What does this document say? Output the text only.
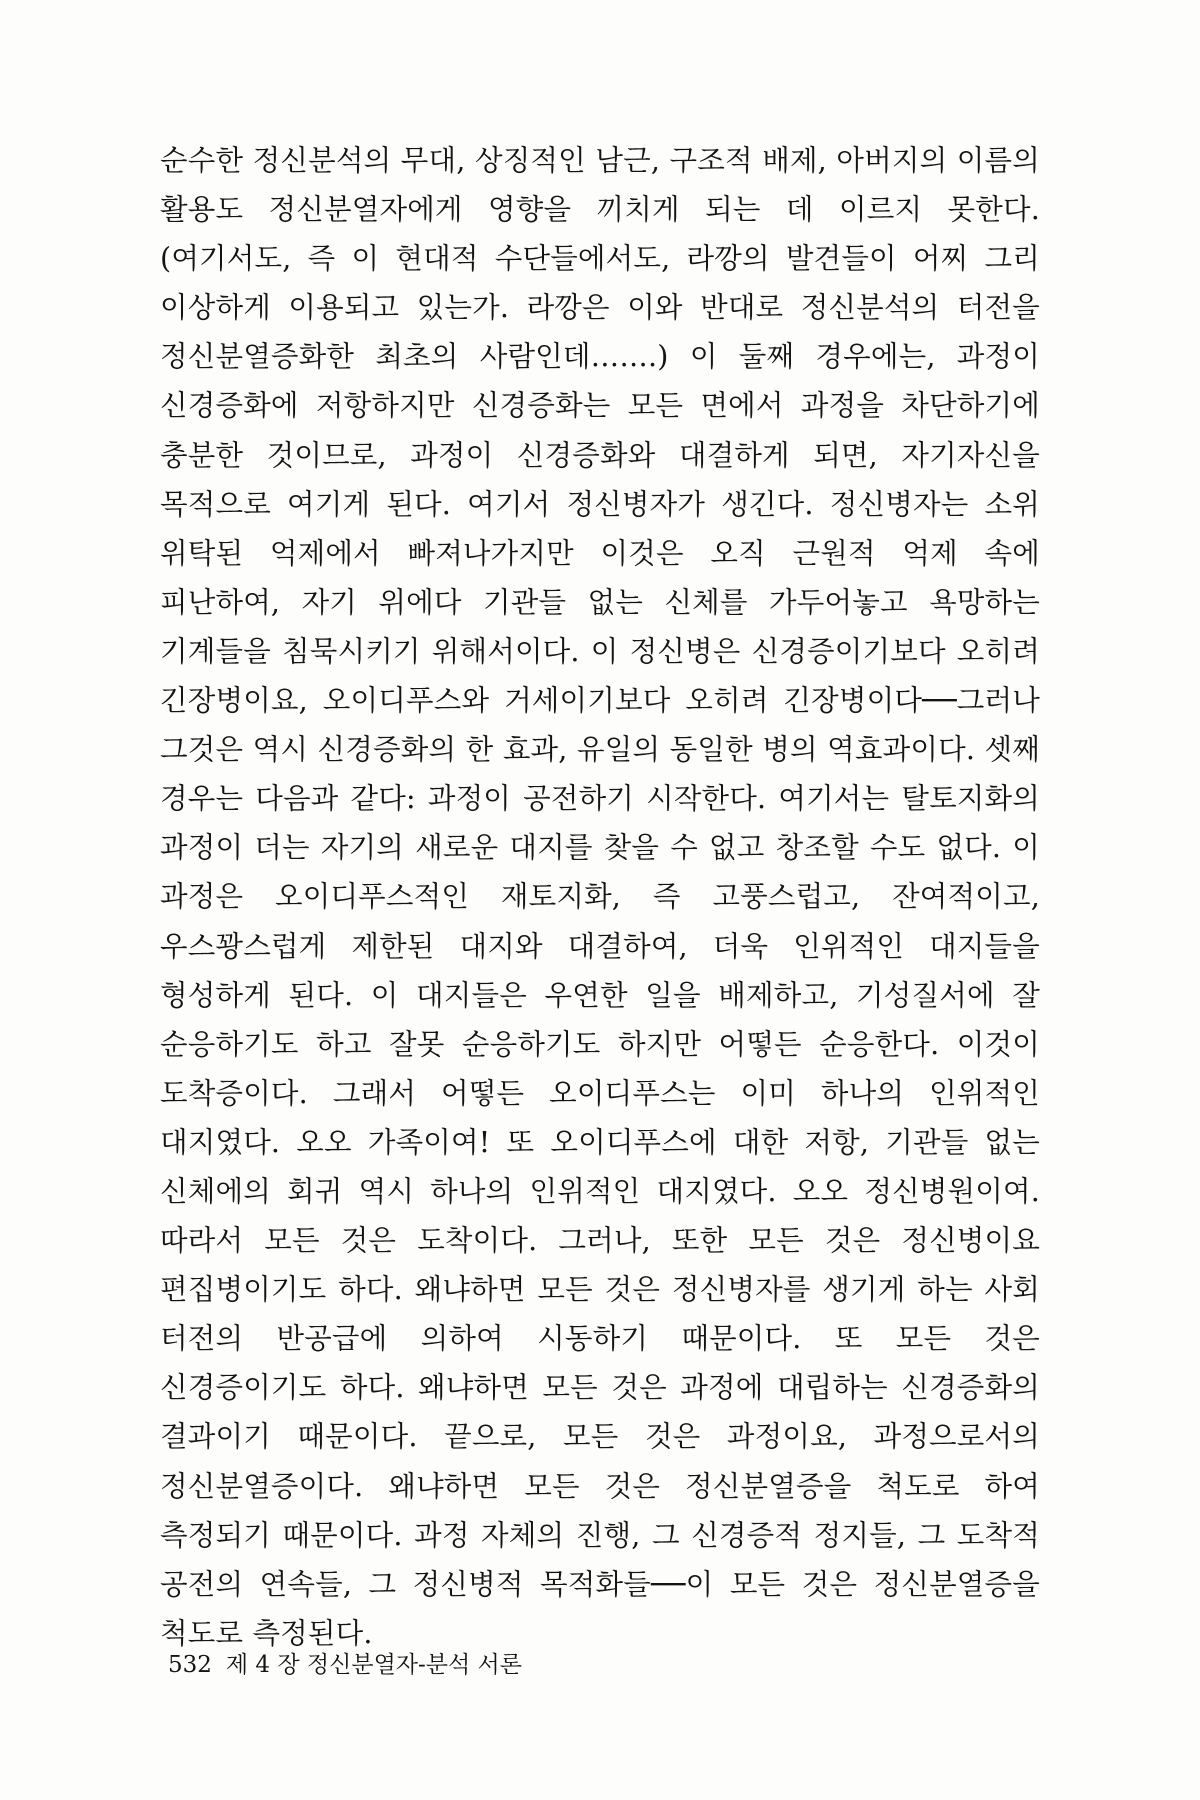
순수한 정신분석의 무대, 상징적인 남근, 구조적 배제, 아버지의 이름의 활용도 정신분열자에게 영향을 끼치게 되는 데 이르지 못한다. (여기서도, 즉 이 현대적 수단들에서도, 라깡의 발견들이 어찌 그리 이상하게 이용되고 있는가. 라깡은 이와 반대로 정신분석의 터전을 정신분열증화한 최초의 사람인데…….) 이 둘째 경우에는, 과정이 신경증화에 저항하지만 신경증화는 모든 면에서 과정을 차단하기에 충분한 것이므로, 과정이 신경증화와 대결하게 되면, 자기자신을 목적으로 여기게 된다. 여기서 정신병자가 생긴다. 정신병자는 소위 위탁된 억제에서 빠져나가지만 이것은 오직 근원적 억제 속에 피난하여, 자기 위에다 기관들 없는 신체를 가두어놓고 욕망하는 기계들을 침묵시키기 위해서이다. 이 정신병은 신경증이기보다 오히려 긴장병이요, 오이디푸스와 거세이기보다 오히려 긴장병이다──그러나 그것은 역시 신경증화의 한 효과, 유일의 동일한 병의 역효과이다. 셋째 경우는 다음과 같다: 과정이 공전하기 시작한다. 여기서는 탈토지화의 과정이 더는 자기의 새로운 대지를 찾을 수 없고 창조할 수도 없다. 이 과정은 오이디푸스적인 재토지화, 즉 고풍스럽고, 잔여적이고, 우스꽝스럽게 제한된 대지와 대결하여, 더욱 인위적인 대지들을 형성하게 된다. 이 대지들은 우연한 일을 배제하고, 기성질서에 잘 순응하기도 하고 잘못 순응하기도 하지만 어떻든 순응한다. 이것이 도착증이다. 그래서 어떻든 오이디푸스는 이미 하나의 인위적인 대지였다. 오오 가족이여! 또 오이디푸스에 대한 저항, 기관들 없는 신체에의 회귀 역시 하나의 인위적인 대지였다. 오오 정신병원이여. 따라서 모든 것은 도착이다. 그러나, 또한 모든 것은 정신병이요 편집병이기도 하다. 왜냐하면 모든 것은 정신병자를 생기게 하는 사회 터전의 반공급에 의하여 시동하기 때문이다. 또 모든 것은 신경증이기도 하다. 왜냐하면 모든 것은 과정에 대립하는 신경증화의 결과이기 때문이다. 끝으로, 모든 것은 과정이요, 과정으로서의 정신분열증이다. 왜냐하면 모든 것은 정신분열증을 척도로 하여 측정되기 때문이다. 과정 자체의 진행, 그 신경증적 정지들, 그 도착적 공전의 연속들, 그 정신병적 목적화들──이 모든 것은 정신분열증을 척도로 측정된다.

532 제 4 장 정신분열자-분석 서론
